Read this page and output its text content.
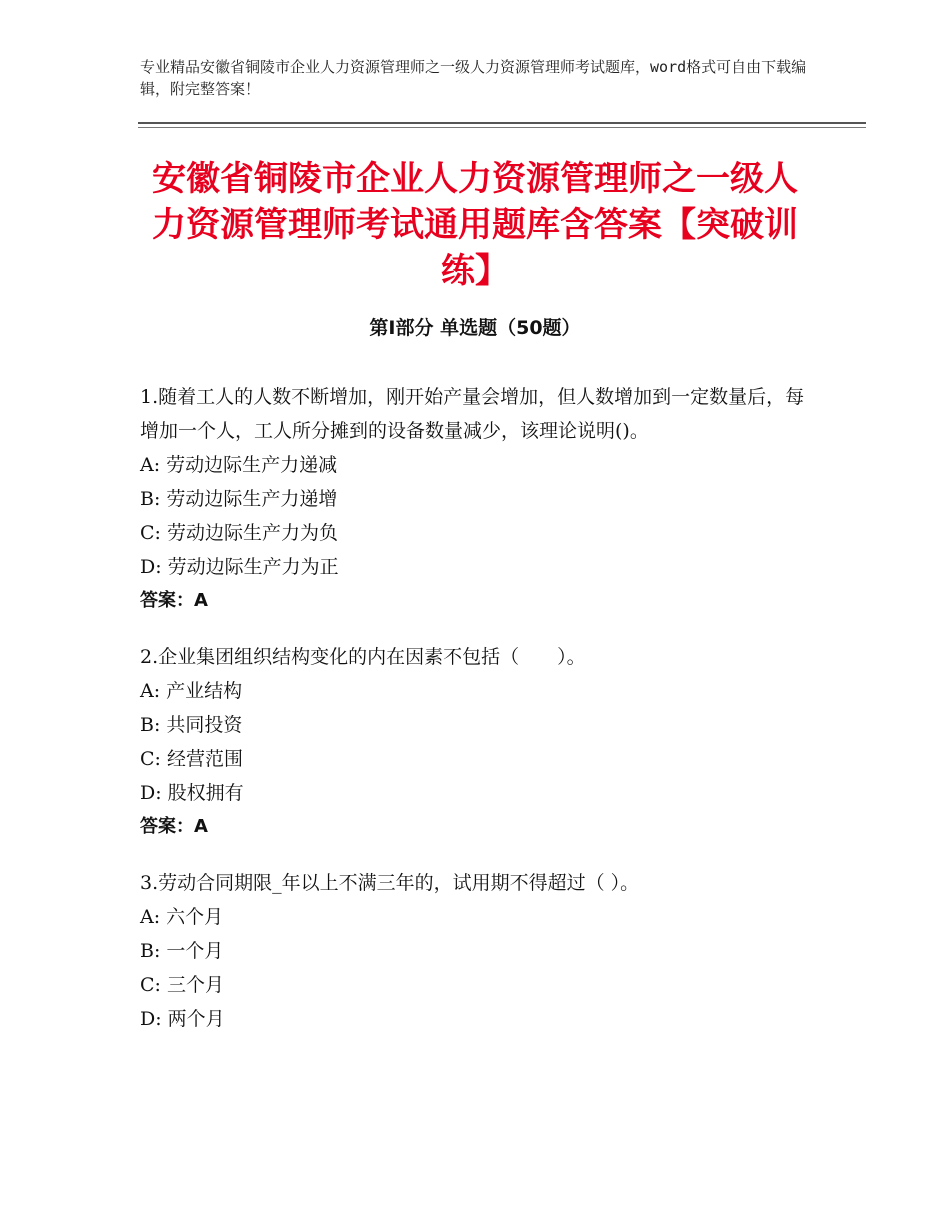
专业精品安徽省铜陵市企业人力资源管理师之一级人力资源管理师考试题库，word格式可自由下载编辑，附完整答案！
安徽省铜陵市企业人力资源管理师之一级人力资源管理师考试通用题库含答案【突破训练】
第Ⅰ部分 单选题（50题）
1.随着工人的人数不断增加，刚开始产量会增加，但人数增加到一定数量后，每增加一个人，工人所分摊到的设备数量减少，该理论说明()。
A: 劳动边际生产力递减
B: 劳动边际生产力递增
C: 劳动边际生产力为负
D: 劳动边际生产力为正
答案：A
2.企业集团组织结构变化的内在因素不包括（　　）。
A: 产业结构
B: 共同投资
C: 经营范围
D: 股权拥有
答案：A
3.劳动合同期限_年以上不满三年的，试用期不得超过（ ）。
A: 六个月
B: 一个月
C: 三个月
D: 两个月
